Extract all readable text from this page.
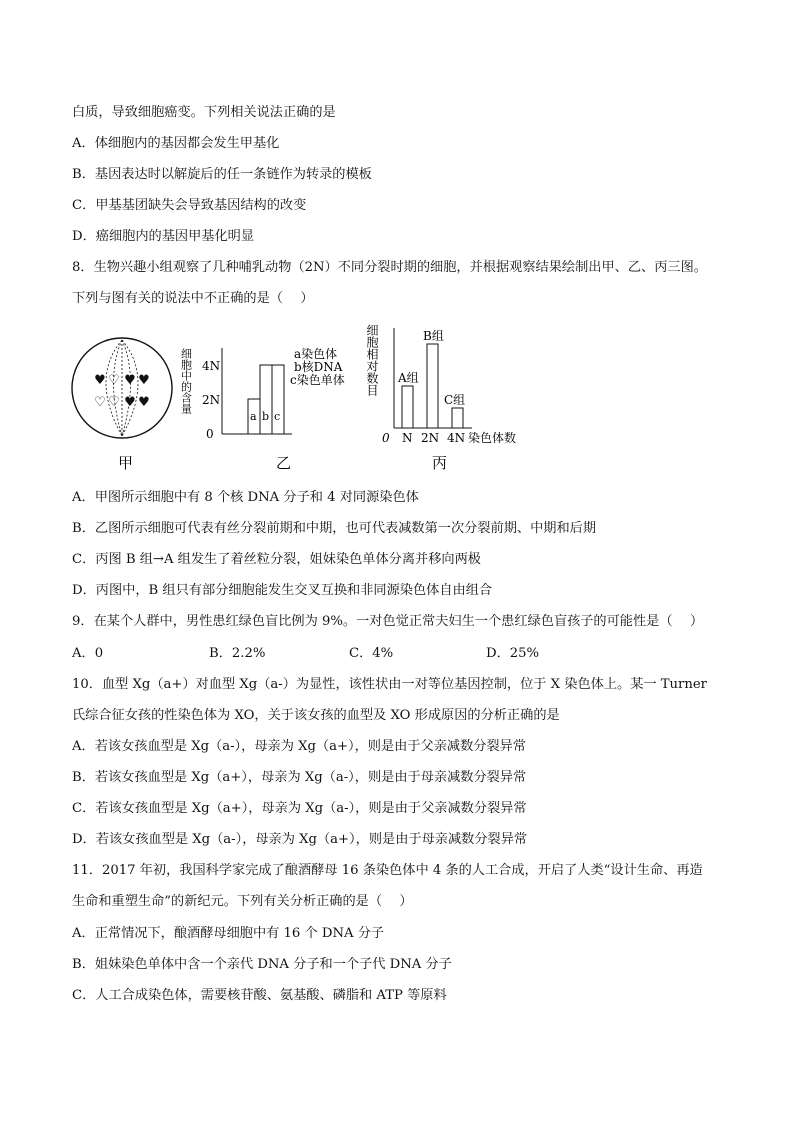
白质，导致细胞癌变。下列相关说法正确的是
A．体细胞内的基因都会发生甲基化
B．基因表达时以解旋后的任一条链作为转录的模板
C．甲基基团缺失会导致基因结构的改变
D．癌细胞内的基因甲基化明显
8．生物兴趣小组观察了几种哺乳动物（2N）不同分裂时期的细胞，并根据观察结果绘制出甲、乙、丙三图。
下列与图有关的说法中不正确的是（　 ）
♥ ♡ ♥ ♥
♡ ♡ ♥ ♥
甲
细胞中的含量 4N
2N
0
a b c
a染色体
b核DNA
c染色单体
乙
细胞相对数目
0
A组
B组
C组
N 2N 4N 染色体数
丙
A．甲图所示细胞中有 8 个核 DNA 分子和 4 对同源染色体
B．乙图所示细胞可代表有丝分裂前期和中期，也可代表减数第一次分裂前期、中期和后期
C．丙图 B 组→A 组发生了着丝粒分裂，姐妹染色单体分离并移向两极
D．丙图中，B 组只有部分细胞能发生交叉互换和非同源染色体自由组合
9．在某个人群中，男性患红绿色盲比例为 9%。一对色觉正常夫妇生一个患红绿色盲孩子的可能性是（　 ）
A．0	B．2.2%	C．4%	D．25%
10．血型 Xg（a+）对血型 Xg（a-）为显性，该性状由一对等位基因控制，位于 X 染色体上。某一 Turner
氏综合征女孩的性染色体为 XO，关于该女孩的血型及 XO 形成原因的分析正确的是
A．若该女孩血型是 Xg（a-），母亲为 Xg（a+），则是由于父亲减数分裂异常
B．若该女孩血型是 Xg（a+），母亲为 Xg（a-），则是由于母亲减数分裂异常
C．若该女孩血型是 Xg（a+），母亲为 Xg（a-），则是由于父亲减数分裂异常
D．若该女孩血型是 Xg（a-），母亲为 Xg（a+），则是由于母亲减数分裂异常
11．2017 年初，我国科学家完成了酿酒酵母 16 条染色体中 4 条的人工合成，开启了人类“设计生命、再造
生命和重塑生命”的新纪元。下列有关分析正确的是（　 ）
A．正常情况下，酿酒酵母细胞中有 16 个 DNA 分子
B．姐妹染色单体中含一个亲代 DNA 分子和一个子代 DNA 分子
C．人工合成染色体，需要核苷酸、氨基酸、磷脂和 ATP 等原料
